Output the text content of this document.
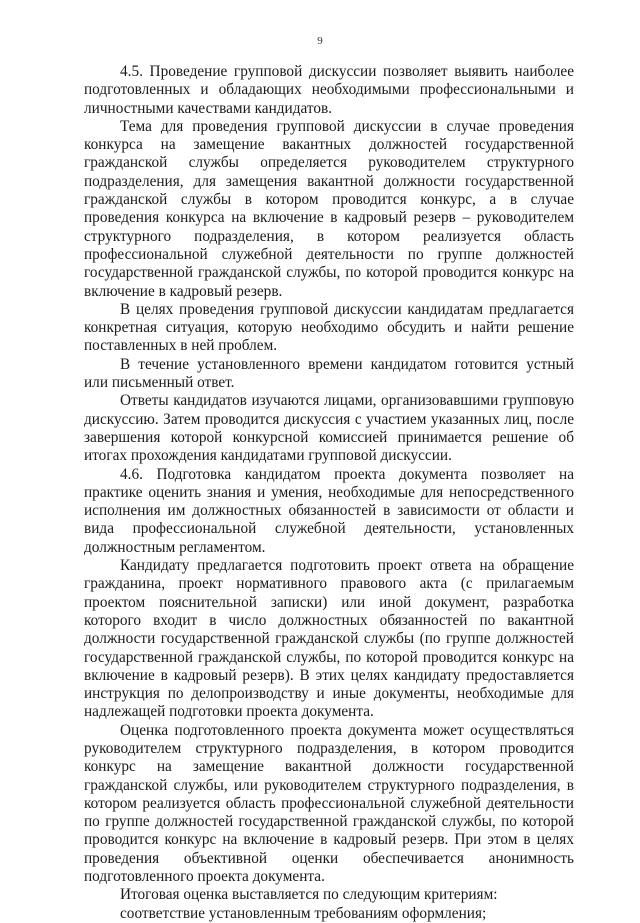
9

4.5. Проведение групповой дискуссии позволяет выявить наиболее подготовленных и обладающих необходимыми профессиональными и личностными качествами кандидатов.

Тема для проведения групповой дискуссии в случае проведения конкурса на замещение вакантных должностей государственной гражданской службы определяется руководителем структурного подразделения, для замещения вакантной должности государственной гражданской службы в котором проводится конкурс, а в случае проведения конкурса на включение в кадровый резерв – руководителем структурного подразделения, в котором реализуется область профессиональной служебной деятельности по группе должностей государственной гражданской службы, по которой проводится конкурс на включение в кадровый резерв.

В целях проведения групповой дискуссии кандидатам предлагается конкретная ситуация, которую необходимо обсудить и найти решение поставленных в ней проблем.

В течение установленного времени кандидатом готовится устный или письменный ответ.

Ответы кандидатов изучаются лицами, организовавшими групповую дискуссию. Затем проводится дискуссия с участием указанных лиц, после завершения которой конкурсной комиссией принимается решение об итогах прохождения кандидатами групповой дискуссии.

4.6. Подготовка кандидатом проекта документа позволяет на практике оценить знания и умения, необходимые для непосредственного исполнения им должностных обязанностей в зависимости от области и вида профессиональной служебной деятельности, установленных должностным регламентом.

Кандидату предлагается подготовить проект ответа на обращение гражданина, проект нормативного правового акта (с прилагаемым проектом пояснительной записки) или иной документ, разработка которого входит в число должностных обязанностей по вакантной должности государственной гражданской службы (по группе должностей государственной гражданской службы, по которой проводится конкурс на включение в кадровый резерв). В этих целях кандидату предоставляется инструкция по делопроизводству и иные документы, необходимые для надлежащей подготовки проекта документа.

Оценка подготовленного проекта документа может осуществляться руководителем структурного подразделения, в котором проводится конкурс на замещение вакантной должности государственной гражданской службы, или руководителем структурного подразделения, в котором реализуется область профессиональной служебной деятельности по группе должностей государственной гражданской службы, по которой проводится конкурс на включение в кадровый резерв. При этом в целях проведения объективной оценки обеспечивается анонимность подготовленного проекта документа.

Итоговая оценка выставляется по следующим критериям:

соответствие установленным требованиям оформления;
